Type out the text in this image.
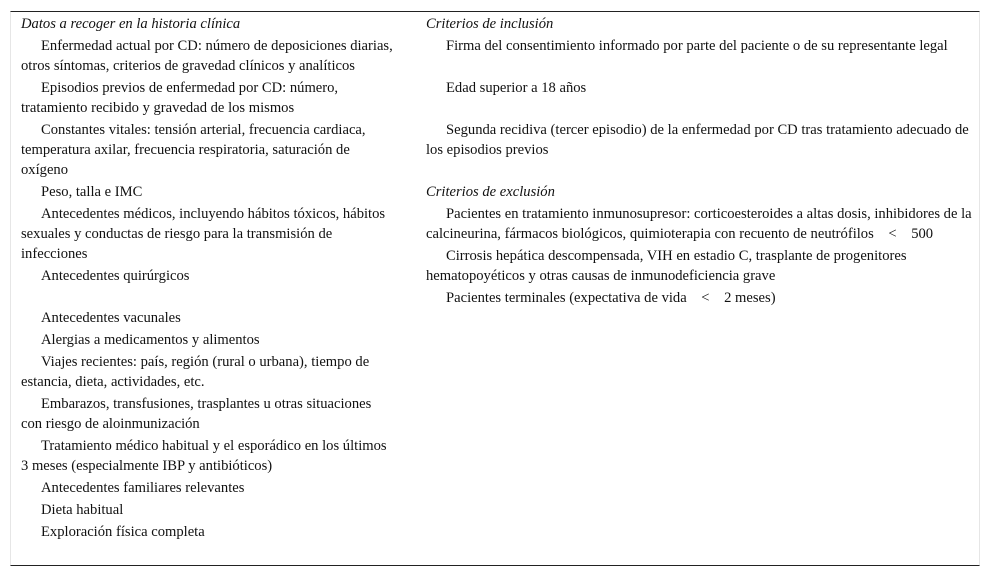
Datos a recoger en la historia clínica
Enfermedad actual por CD: número de deposiciones diarias, otros síntomas, criterios de gravedad clínicos y analíticos
Episodios previos de enfermedad por CD: número, tratamiento recibido y gravedad de los mismos
Constantes vitales: tensión arterial, frecuencia cardiaca, temperatura axilar, frecuencia respiratoria, saturación de oxígeno
Peso, talla e IMC
Antecedentes médicos, incluyendo hábitos tóxicos, hábitos sexuales y conductas de riesgo para la transmisión de infecciones
Antecedentes quirúrgicos
Antecedentes vacunales
Alergias a medicamentos y alimentos
Viajes recientes: país, región (rural o urbana), tiempo de estancia, dieta, actividades, etc.
Embarazos, transfusiones, trasplantes u otras situaciones con riesgo de aloinmunización
Tratamiento médico habitual y el esporádico en los últimos 3 meses (especialmente IBP y antibióticos)
Antecedentes familiares relevantes
Dieta habitual
Exploración física completa
Criterios de inclusión
Firma del consentimiento informado por parte del paciente o de su representante legal
Edad superior a 18 años
Segunda recidiva (tercer episodio) de la enfermedad por CD tras tratamiento adecuado de los episodios previos
Criterios de exclusión
Pacientes en tratamiento inmunosupresor: corticoesteroides a altas dosis, inhibidores de la calcineurina, fármacos biológicos, quimioterapia con recuento de neutrófilos  <  500
Cirrosis hepática descompensada, VIH en estadio C, trasplante de progenitores hematopoyéticos y otras causas de inmunodeficiencia grave
Pacientes terminales (expectativa de vida  <  2 meses)
